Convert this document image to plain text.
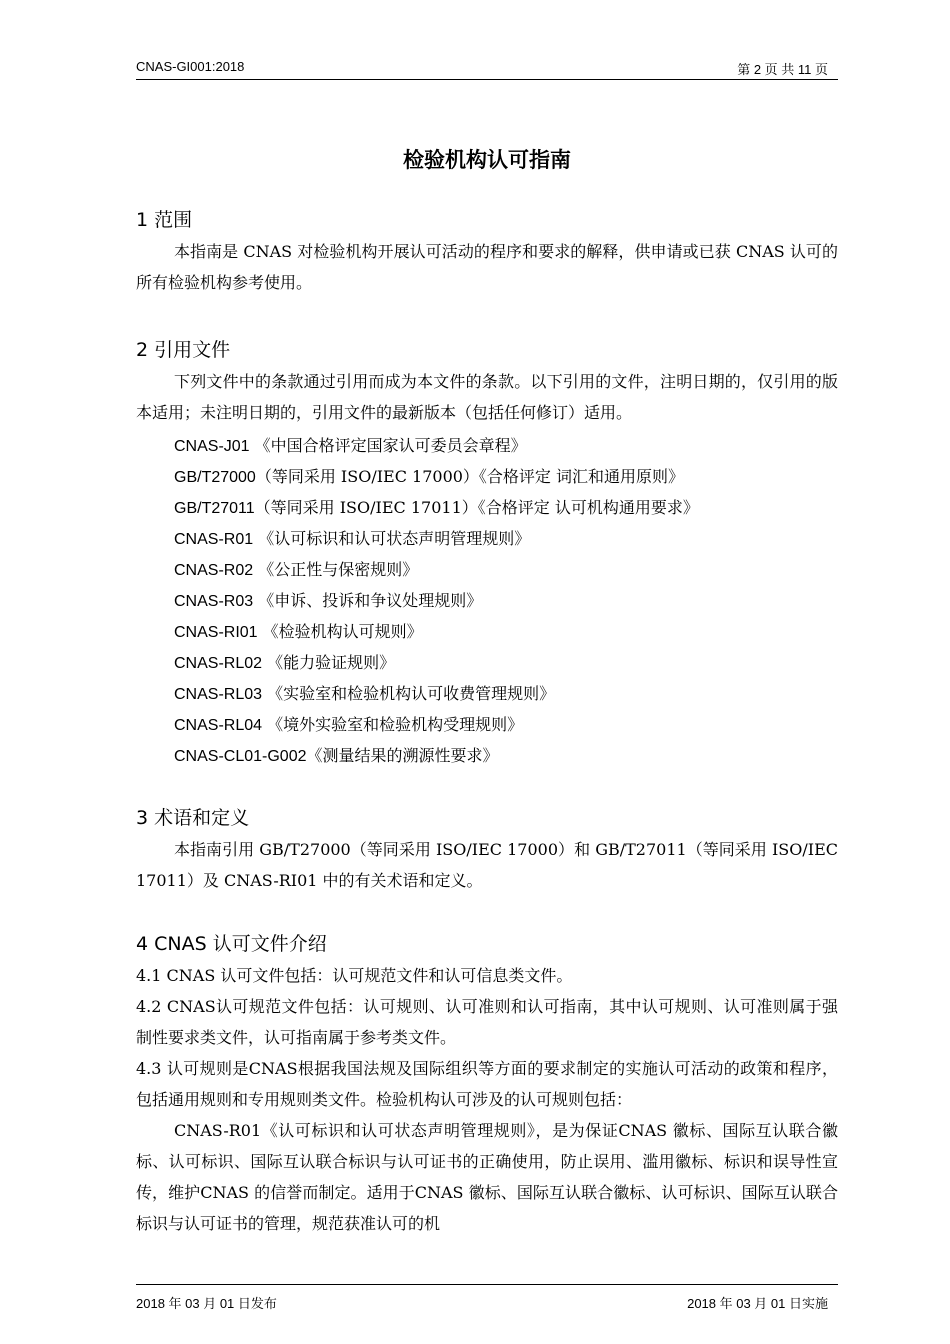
CNAS-GI001:2018	第 2 页 共 11 页
检验机构认可指南
1 范围
本指南是 CNAS 对检验机构开展认可活动的程序和要求的解释，供申请或已获 CNAS 认可的所有检验机构参考使用。
2 引用文件
下列文件中的条款通过引用而成为本文件的条款。以下引用的文件，注明日期的，仅引用的版本适用；未注明日期的，引用文件的最新版本（包括任何修订）适用。
CNAS-J01 《中国合格评定国家认可委员会章程》
GB/T27000（等同采用 ISO/IEC 17000）《合格评定 词汇和通用原则》
GB/T27011（等同采用 ISO/IEC 17011）《合格评定 认可机构通用要求》
CNAS-R01 《认可标识和认可状态声明管理规则》
CNAS-R02 《公正性与保密规则》
CNAS-R03 《申诉、投诉和争议处理规则》
CNAS-RI01 《检验机构认可规则》
CNAS-RL02 《能力验证规则》
CNAS-RL03 《实验室和检验机构认可收费管理规则》
CNAS-RL04 《境外实验室和检验机构受理规则》
CNAS-CL01-G002《测量结果的溯源性要求》
3 术语和定义
本指南引用 GB/T27000（等同采用 ISO/IEC 17000）和 GB/T27011（等同采用 ISO/IEC 17011）及 CNAS-RI01 中的有关术语和定义。
4 CNAS 认可文件介绍
4.1 CNAS 认可文件包括：认可规范文件和认可信息类文件。
4.2 CNAS认可规范文件包括：认可规则、认可准则和认可指南，其中认可规则、认可准则属于强制性要求类文件，认可指南属于参考类文件。
4.3 认可规则是CNAS根据我国法规及国际组织等方面的要求制定的实施认可活动的政策和程序，包括通用规则和专用规则类文件。检验机构认可涉及的认可规则包括：
CNAS-R01《认可标识和认可状态声明管理规则》，是为保证CNAS 徽标、国际互认联合徽标、认可标识、国际互认联合标识与认可证书的正确使用，防止误用、滥用徽标、标识和误导性宣传，维护CNAS 的信誉而制定。适用于CNAS 徽标、国际互认联合徽标、认可标识、国际互认联合标识与认可证书的管理，规范获准认可的机
2018 年 03 月 01 日发布	2018 年 03 月 01 日实施
